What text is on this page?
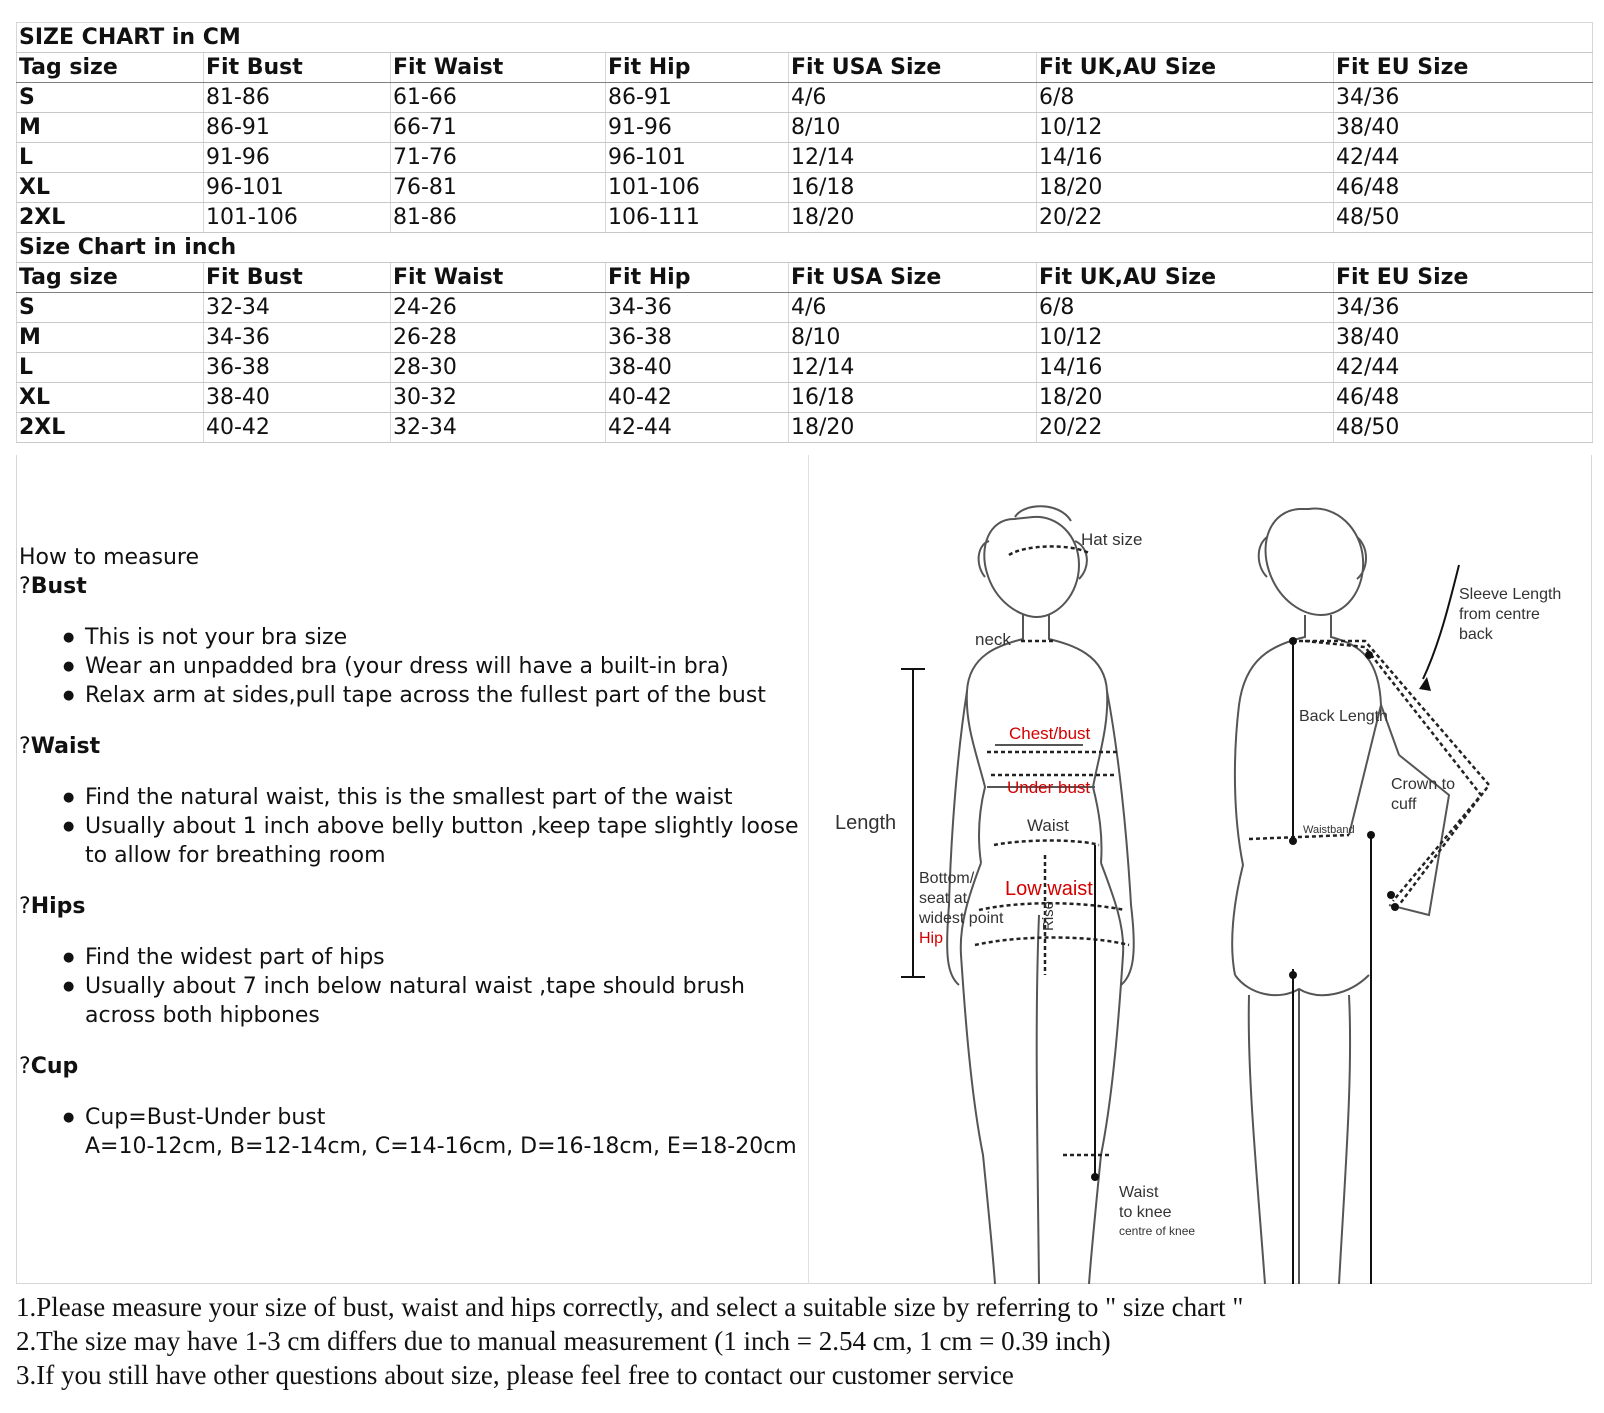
SIZE CHART in CM						
Tag size	Fit Bust	Fit Waist	Fit Hip	Fit USA Size	Fit UK,AU Size	Fit EU Size
S	81-86	61-66	86-91	4/6	6/8	34/36
M	86-91	66-71	91-96	8/10	10/12	38/40
L	91-96	71-76	96-101	12/14	14/16	42/44
XL	96-101	76-81	101-106	16/18	18/20	46/48
2XL	101-106	81-86	106-111	18/20	20/22	48/50
Size Chart in inch						
Tag size	Fit Bust	Fit Waist	Fit Hip	Fit USA Size	Fit UK,AU Size	Fit EU Size
S	32-34	24-26	34-36	4/6	6/8	34/36
M	34-36	26-28	36-38	8/10	10/12	38/40
L	36-38	28-30	38-40	12/14	14/16	42/44
XL	38-40	30-32	40-42	16/18	18/20	46/48
2XL	40-42	32-34	42-44	18/20	20/22	48/50
How to measure
?Bust
● This is not your bra size
● Wear an unpadded bra (your dress will have a built-in bra)
● Relax arm at sides,pull tape across the fullest part of the bust
?Waist
● Find the natural waist, this is the smallest part of the waist
● Usually about 1 inch above belly button ,keep tape slightly loose to allow for breathing room
?Hips
● Find the widest part of hips
● Usually about 7 inch below natural waist ,tape should brush across both hipbones
?Cup
● Cup=Bust-Under bust
A=10-12cm, B=12-14cm, C=14-16cm, D=16-18cm, E=18-20cm
Hat size
neck
Chest/bust
Under bust
Waist
Low waist
Length
Bottom/
seat at
widest point
Hip
Rise
Waist
to knee
centre of knee
Sleeve Length
from centre
back
Back Length
Crown to
cuff
Waistband
1.Please measure your size of bust, waist and hips correctly, and select a suitable size by referring to " size chart "
2.The size may have 1-3 cm differs due to manual measurement (1 inch = 2.54 cm, 1 cm = 0.39 inch)
3.If you still have other questions about size, please feel free to contact our customer service
